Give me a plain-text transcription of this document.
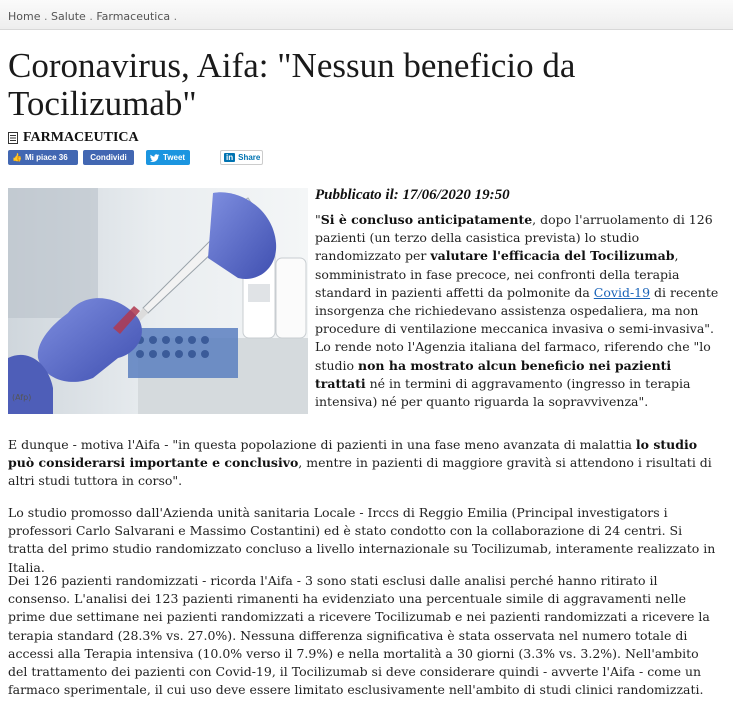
Home . Salute . Farmaceutica .
Coronavirus, Aifa: "Nessun beneficio da Tocilizumab"
FARMACEUTICA
👍 Mi piace 36	Condividi	Tweet	in Share
(Afp)
Pubblicato il: 17/06/2020 19:50

"Si è concluso anticipatamente, dopo l'arruolamento di 126 pazienti (un terzo della casistica prevista) lo studio randomizzato per valutare l'efficacia del Tocilizumab, somministrato in fase precoce, nei confronti della terapia standard in pazienti affetti da polmonite da Covid-19 di recente insorgenza che richiedevano assistenza ospedaliera, ma non procedure di ventilazione meccanica invasiva o semi-invasiva". Lo rende noto l'Agenzia italiana del farmaco, riferendo che "lo studio non ha mostrato alcun beneficio nei pazienti trattati né in termini di aggravamento (ingresso in terapia intensiva) né per quanto riguarda la sopravvivenza".

E dunque - motiva l'Aifa - "in questa popolazione di pazienti in una fase meno avanzata di malattia lo studio può considerarsi importante e conclusivo, mentre in pazienti di maggiore gravità si attendono i risultati di altri studi tuttora in corso".

Lo studio promosso dall'Azienda unità sanitaria Locale - Irccs di Reggio Emilia (Principal investigators i professori Carlo Salvarani e Massimo Costantini) ed è stato condotto con la collaborazione di 24 centri. Si tratta del primo studio randomizzato concluso a livello internazionale su Tocilizumab, interamente realizzato in Italia.

Dei 126 pazienti randomizzati - ricorda l'Aifa - 3 sono stati esclusi dalle analisi perché hanno ritirato il consenso. L'analisi dei 123 pazienti rimanenti ha evidenziato una percentuale simile di aggravamenti nelle prime due settimane nei pazienti randomizzati a ricevere Tocilizumab e nei pazienti randomizzati a ricevere la terapia standard (28.3% vs. 27.0%). Nessuna differenza significativa è stata osservata nel numero totale di accessi alla Terapia intensiva (10.0% verso il 7.9%) e nella mortalità a 30 giorni (3.3% vs. 3.2%). Nell'ambito del trattamento dei pazienti con Covid-19, il Tocilizumab si deve considerare quindi - avverte l'Aifa - come un farmaco sperimentale, il cui uso deve essere limitato esclusivamente nell'ambito di studi clinici randomizzati.
